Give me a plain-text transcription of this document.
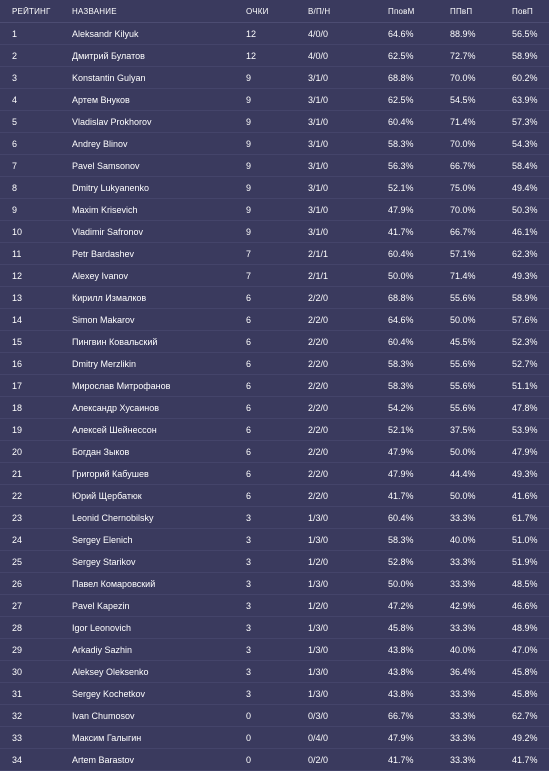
РЕЙТИНГ	НАЗВАНИЕ	ОЧКИ	В/П/Н	ПповМ	ППвП	ПовП
1	Aleksandr Kilyuk	12	4/0/0	64.6%	88.9%	56.5%
2	Дмитрий Булатов	12	4/0/0	62.5%	72.7%	58.9%
3	Konstantin Gulyan	9	3/1/0	68.8%	70.0%	60.2%
4	Артем Внуков	9	3/1/0	62.5%	54.5%	63.9%
5	Vladislav Prokhorov	9	3/1/0	60.4%	71.4%	57.3%
6	Andrey Blinov	9	3/1/0	58.3%	70.0%	54.3%
7	Pavel Samsonov	9	3/1/0	56.3%	66.7%	58.4%
8	Dmitry Lukyanenko	9	3/1/0	52.1%	75.0%	49.4%
9	Maxim Krisevich	9	3/1/0	47.9%	70.0%	50.3%
10	Vladimir Safronov	9	3/1/0	41.7%	66.7%	46.1%
11	Petr Bardashev	7	2/1/1	60.4%	57.1%	62.3%
12	Alexey Ivanov	7	2/1/1	50.0%	71.4%	49.3%
13	Кирилл Измалков	6	2/2/0	68.8%	55.6%	58.9%
14	Simon Makarov	6	2/2/0	64.6%	50.0%	57.6%
15	Пингвин Ковальский	6	2/2/0	60.4%	45.5%	52.3%
16	Dmitry Merzlikin	6	2/2/0	58.3%	55.6%	52.7%
17	Мирослав Митрофанов	6	2/2/0	58.3%	55.6%	51.1%
18	Александр Хусаинов	6	2/2/0	54.2%	55.6%	47.8%
19	Алексей Шейнессон	6	2/2/0	52.1%	37.5%	53.9%
20	Богдан Зыков	6	2/2/0	47.9%	50.0%	47.9%
21	Григорий Кабушев	6	2/2/0	47.9%	44.4%	49.3%
22	Юрий Щербатюк	6	2/2/0	41.7%	50.0%	41.6%
23	Leonid Chernobilsky	3	1/3/0	60.4%	33.3%	61.7%
24	Sergey Elenich	3	1/3/0	58.3%	40.0%	51.0%
25	Sergey Starikov	3	1/2/0	52.8%	33.3%	51.9%
26	Павел Комаровский	3	1/3/0	50.0%	33.3%	48.5%
27	Pavel Kapezin	3	1/2/0	47.2%	42.9%	46.6%
28	Igor Leonovich	3	1/3/0	45.8%	33.3%	48.9%
29	Arkadiy Sazhin	3	1/3/0	43.8%	40.0%	47.0%
30	Aleksey Oleksenko	3	1/3/0	43.8%	36.4%	45.8%
31	Sergey Kochetkov	3	1/3/0	43.8%	33.3%	45.8%
32	Ivan Chumosov	0	0/3/0	66.7%	33.3%	62.7%
33	Максим Галыгин	0	0/4/0	47.9%	33.3%	49.2%
34	Artem Barastov	0	0/2/0	41.7%	33.3%	41.7%
